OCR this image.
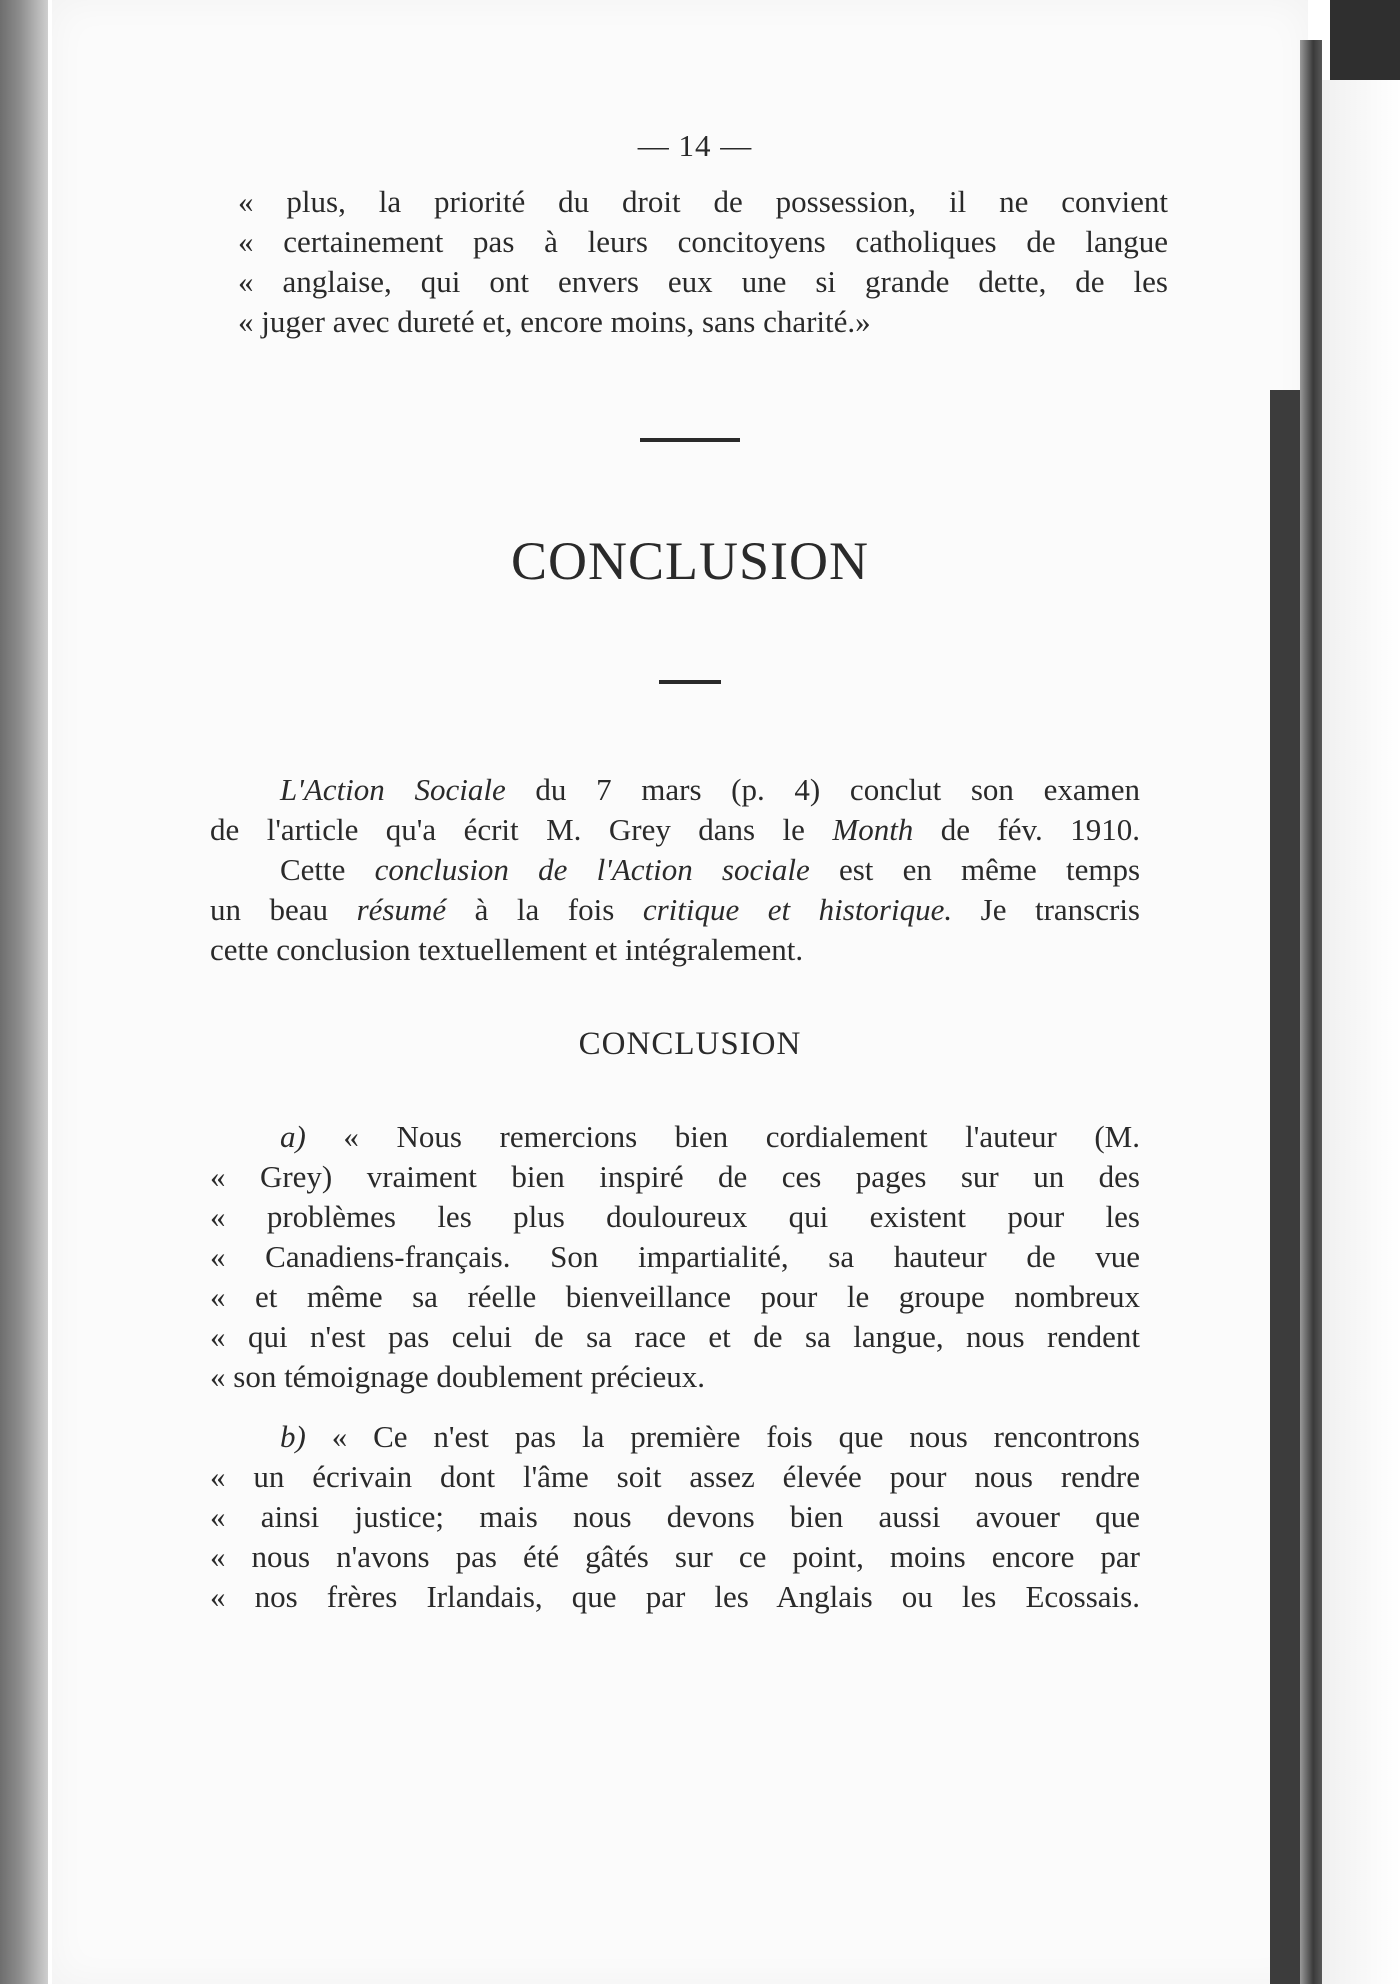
— 14 —
« plus, la priorité du droit de possession, il ne convient
« certainement pas à leurs concitoyens catholiques de langue
« anglaise, qui ont envers eux une si grande dette, de les
« juger avec dureté et, encore moins, sans charité.»
CONCLUSION
L'Action Sociale du 7 mars (p. 4) conclut son examen
de l'article qu'a écrit M. Grey dans le Month de fév. 1910.
Cette conclusion de l'Action sociale est en même temps
un beau résumé à la fois critique et historique. Je transcris
cette conclusion textuellement et intégralement.
CONCLUSION
a) « Nous remercions bien cordialement l'auteur (M.
« Grey) vraiment bien inspiré de ces pages sur un des
« problèmes les plus douloureux qui existent pour les
« Canadiens-français. Son impartialité, sa hauteur de vue
« et même sa réelle bienveillance pour le groupe nombreux
« qui n'est pas celui de sa race et de sa langue, nous rendent
« son témoignage doublement précieux.
b) « Ce n'est pas la première fois que nous rencontrons
« un écrivain dont l'âme soit assez élevée pour nous rendre
« ainsi justice; mais nous devons bien aussi avouer que
« nous n'avons pas été gâtés sur ce point, moins encore par
« nos frères Irlandais, que par les Anglais ou les Ecossais.
